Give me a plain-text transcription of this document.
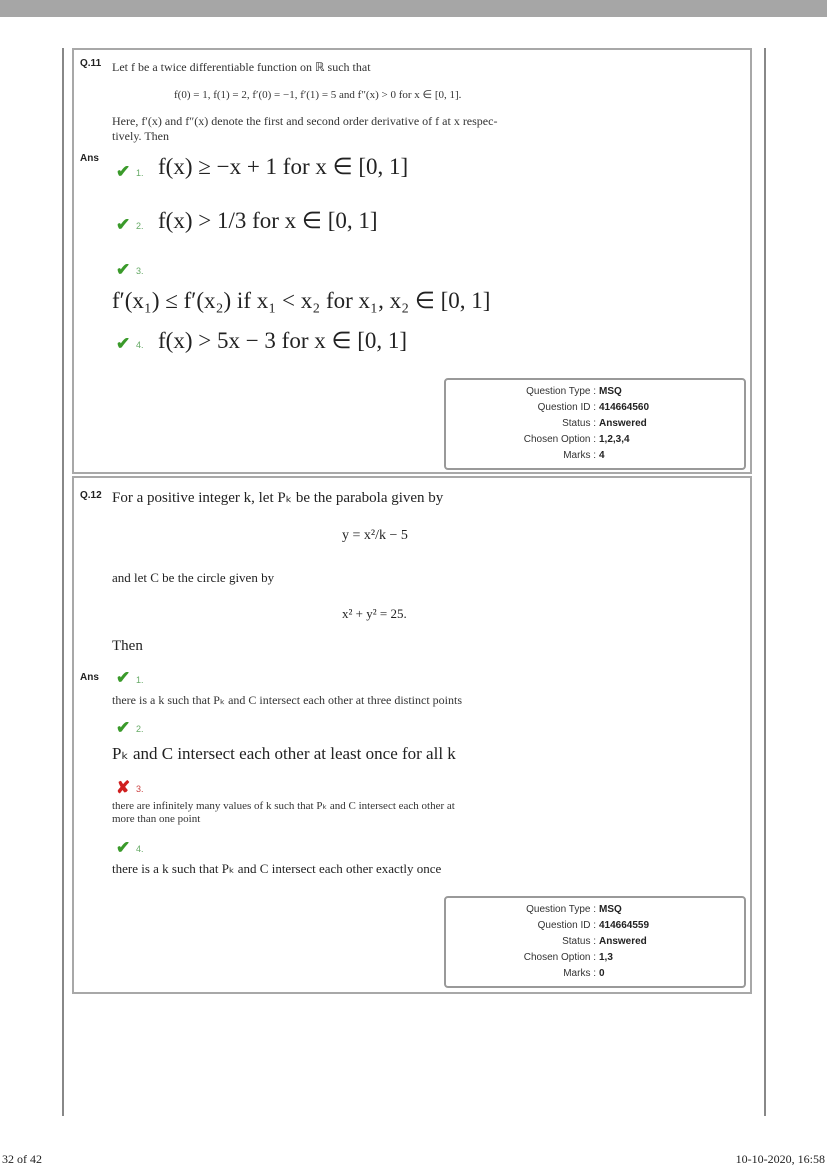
Q.11 Let f be a twice differentiable function on ℝ such that
f(0) = 1, f(1) = 2, f′(0) = −1, f′(1) = 5 and f″(x) > 0 for x ∈ [0, 1].
Here, f′(x) and f″(x) denote the first and second order derivative of f at x respec-
tively. Then
Ans
✔ 1. f(x) ≥ −x + 1 for x ∈ [0, 1]
✔ 2. f(x) > 1/3 for x ∈ [0, 1]
✔ 3.
f′(x₁) ≤ f′(x₂) if x₁ < x₂ for x₁, x₂ ∈ [0, 1]
✔ 4. f(x) > 5x − 3 for x ∈ [0, 1]
Question Type : MSQ
Question ID : 414664560
Status : Answered
Chosen Option : 1,2,3,4
Marks : 4
Q.12 For a positive integer k, let Pₖ be the parabola given by
y = x²/k − 5
and let C be the circle given by
x² + y² = 25.
Then
Ans ✔ 1.
there is a k such that Pₖ and C intersect each other at three distinct points
✔ 2.
Pₖ and C intersect each other at least once for all k
✘ 3.
there are infinitely many values of k such that Pₖ and C intersect each other at
more than one point
✔ 4.
there is a k such that Pₖ and C intersect each other exactly once
Question Type : MSQ
Question ID : 414664559
Status : Answered
Chosen Option : 1,3
Marks : 0
32 of 42	10-10-2020, 16:58
